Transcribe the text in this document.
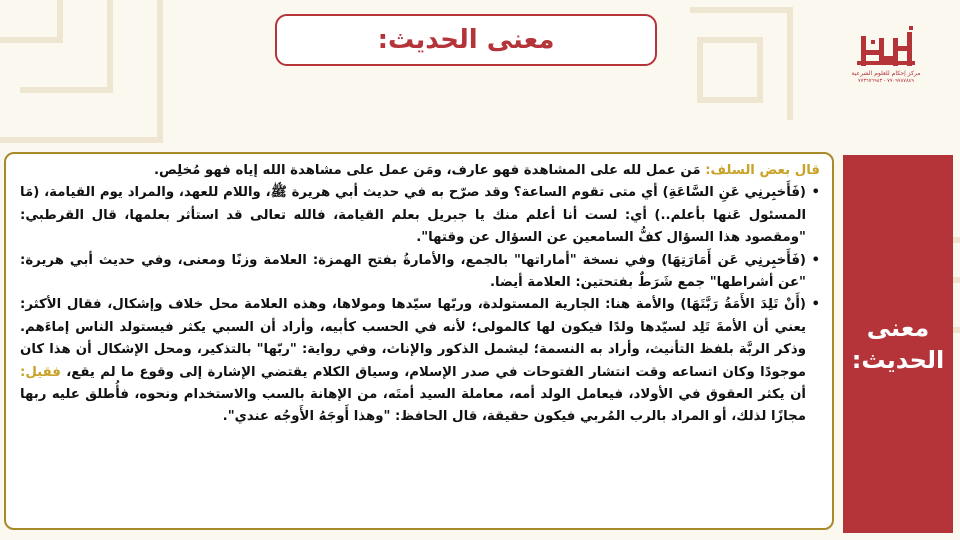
معنى الحديث:
مركز إحكام للعلوم الشرعية
٧٧٠٩٧٨٧٨٤٩ - ٧٧٣٦٧٦٩٨٣
معنى
الحديث:

قال بعض السلف: مَن عمل لله على المشاهدة فهو عارف، ومَن عمل على مشاهدة الله إياه فهو مُخلِص.

•
(فَأَخبِرنِي عَنِ السَّاعَةِ) أي متى تقوم الساعة؟ وقد صرّح به في حديث أبي هريرة ﷺ، واللام للعهد، والمراد يوم القيامة، (مَا المسئول عَنها بأعلم..) أي: لست أنا أعلم منك يا جبريل بعلم القيامة، فالله تعالى قد استأثر بعلمها، قال القرطبي: "ومقصود هذا السؤال كفُّ السامعين عن السؤال عن وقتها".
•
(فَأَخبِرنِي عَن أَمَارَتِهَا) وفي نسخة "أماراتها" بالجمع، والأمارةُ بفتح الهمزة: العلامة وزنًا ومعنى، وفي حديث أبي هريرة: "عن أشراطها" جمع شَرَطٌ بفتحتين: العلامة أيضا.
•
(أَنْ تَلِدَ الأَمَةُ رَبَّتَهَا) والأمة هنا: الجارية المستولدة، وربّها سيّدها ومولاها، وهذه العلامة محل خلاف وإشكال، فقال الأكثر: يعني أن الأمةَ تَلِد لسيّدها ولدًا فيكون لها كالمولى؛ لأنه في الحسب كأبيه، وأراد أن السبي يكثر فيستولد الناس إماءَهم. وذكر الربَّة بلفظ التأنيث، وأراد به النسمة؛ ليشمل الذكور والإناث، وفي رواية: "ربّها" بالتذكير، ومحل الإشكال أن هذا كان موجودًا وكان اتساعه وقت انتشار الفتوحات في صدر الإسلام، وسياق الكلام يقتضي الإشارة إلى وقوع ما لم يقع، فقيل: أن يكثر العقوق في الأولاد، فيعامل الولد أمه، معاملة السيد أمتَه، من الإهانة بالسب والاستخدام ونحوه، فأُطلق عليه ربها مجازًا لذلك، أو المراد بالرب المُربي فيكون حقيقة، قال الحافظ: "وهذا أَوجَهُ الأَوجُه عندي".
